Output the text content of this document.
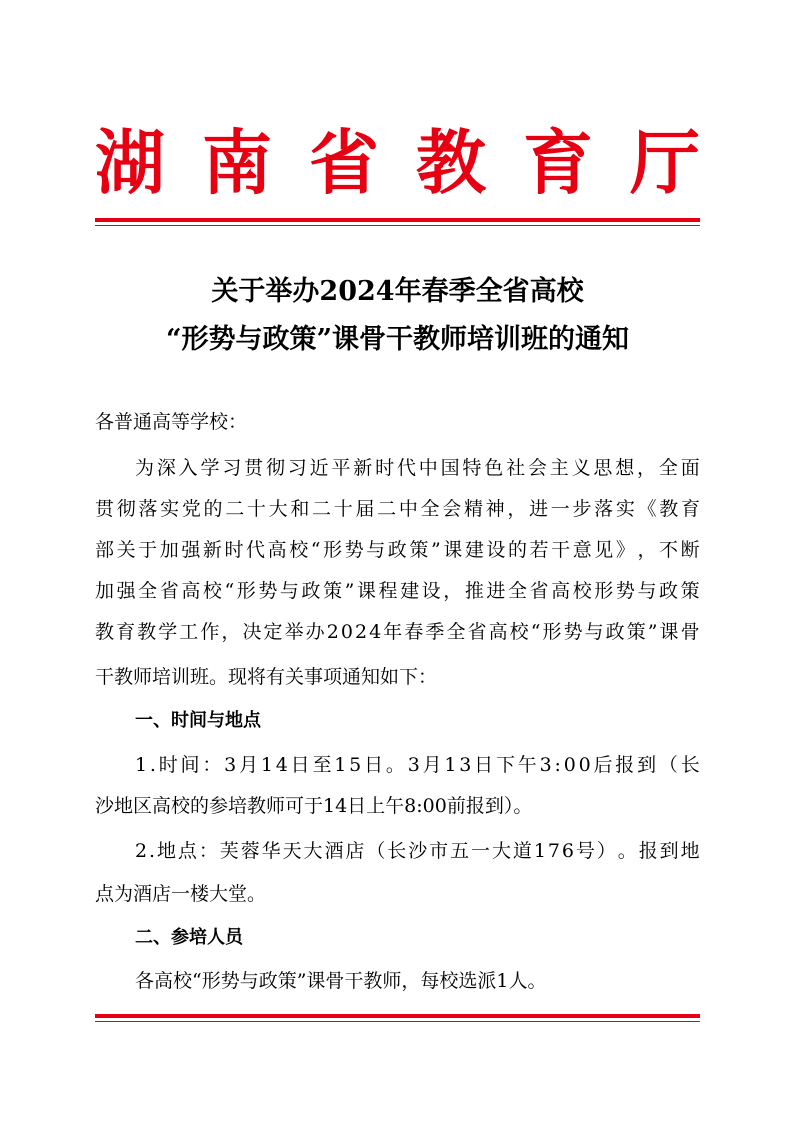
湖 南 省 教 育 厅
关于举办2024年春季全省高校
“形势与政策”课骨干教师培训班的通知
各普通高等学校：
为 深 入 学 习 贯 彻 习 近 平 新 时 代 中 国 特 色 社 会 主 义 思 想 ， 全 面
贯 彻 落 实 党 的 二 十 大 和 二 十 届 二 中 全 会 精 神 ， 进 一 步 落 实 《 教 育
部 关 于 加 强 新 时 代 高 校 “ 形 势 与 政 策 ” 课 建 设 的 若 干 意 见 》 ， 不 断
加 强 全 省 高 校 “ 形 势 与 政 策 ” 课 程 建 设 ， 推 进 全 省 高 校 形 势 与 政 策
教 育 教 学 工 作 ， 决 定 举 办 2 0 2 4 年 春 季 全 省 高 校 “ 形 势 与 政 策 ” 课 骨
干教师培训班。现将有关事项通知如下：
一、时间与地点
1 . 时 间 ： 3 月 1 4 日 至 1 5 日 。 3 月 1 3 日 下 午 3 : 0 0 后 报 到 （ 长
沙地区高校的参培教师可于14日上午8:00前报到）。
2 . 地 点 ： 芙 蓉 华 天 大 酒 店 （ 长 沙 市 五 一 大 道 1 7 6 号 ） 。 报 到 地
点为酒店一楼大堂。
二、参培人员
各高校“形势与政策”课骨干教师，每校选派1人。
